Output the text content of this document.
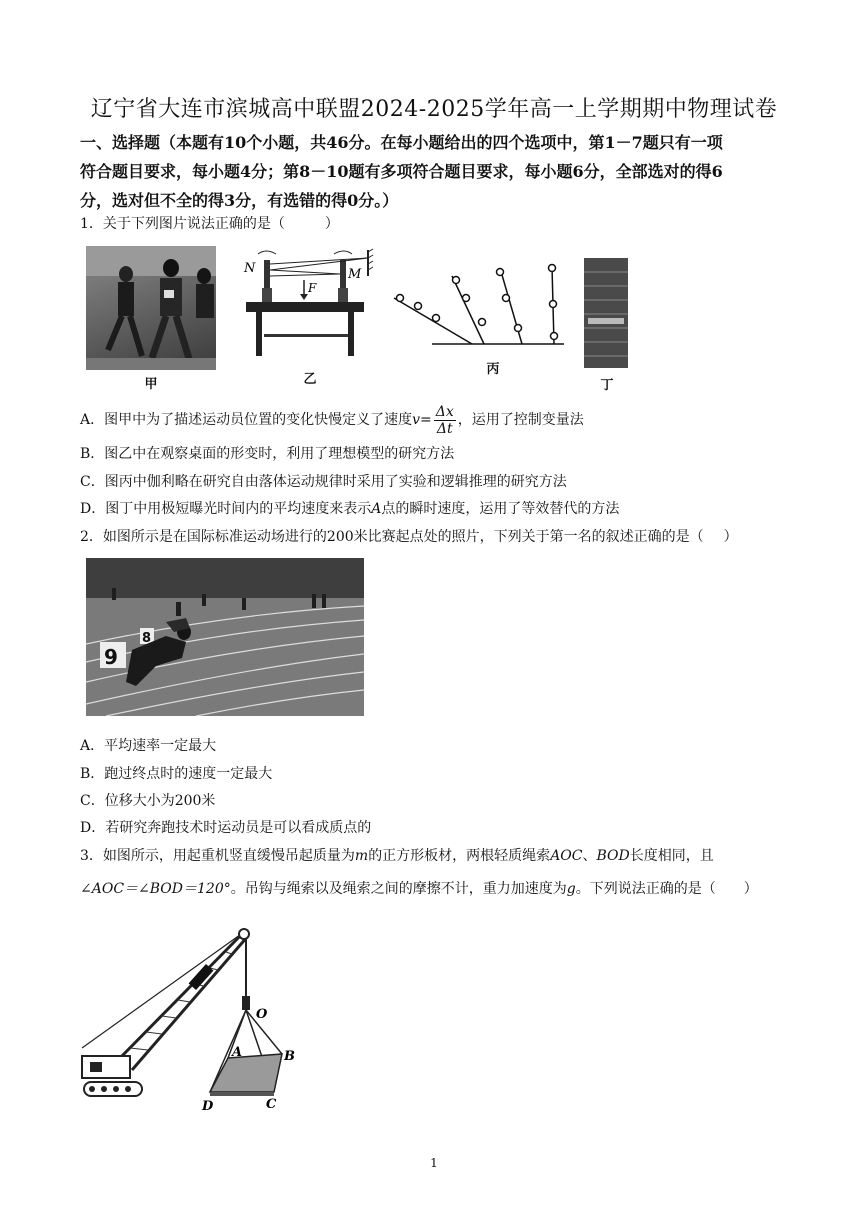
辽宁省大连市滨城高中联盟2024-2025学年高一上学期期中物理试卷
一、选择题（本题有10个小题，共46分。在每小题给出的四个选项中，第1－7题只有一项
符合题目要求，每小题4分；第8－10题有多项符合题目要求，每小题6分，全部选对的得6
分，选对但不全的得3分，有选错的得0分。）
1．关于下列图片说法正确的是（	）
甲
N	M
F
乙
丙
丁
A．图甲中为了描述运动员位置的变化快慢定义了速度$v= \frac{\Delta x}{\Delta t}$ ，运用了控制变量法
B．图乙中在观察桌面的形变时，利用了理想模型的研究方法
C．图丙中伽利略在研究自由落体运动规律时采用了实验和逻辑推理的研究方法
D．图丁中用极短曝光时间内的平均速度来表示A点的瞬时速度，运用了等效替代的方法
2．如图所示是在国际标准运动场进行的200米比赛起点处的照片，下列关于第一名的叙述正确的是（ ）
9
8
A．平均速率一定最大
B．跑过终点时的速度一定最大
C．位移大小为200米
D．若研究奔跑技术时运动员是可以看成质点的
3．如图所示，用起重机竖直缓慢吊起质量为m的正方形板材，两根轻质绳索AOC、BOD长度相同，且
∠AOC＝∠BOD＝120°。吊钩与绳索以及绳索之间的摩擦不计，重力加速度为g。下列说法正确的是（ ）
O
A	B
C
D
1
